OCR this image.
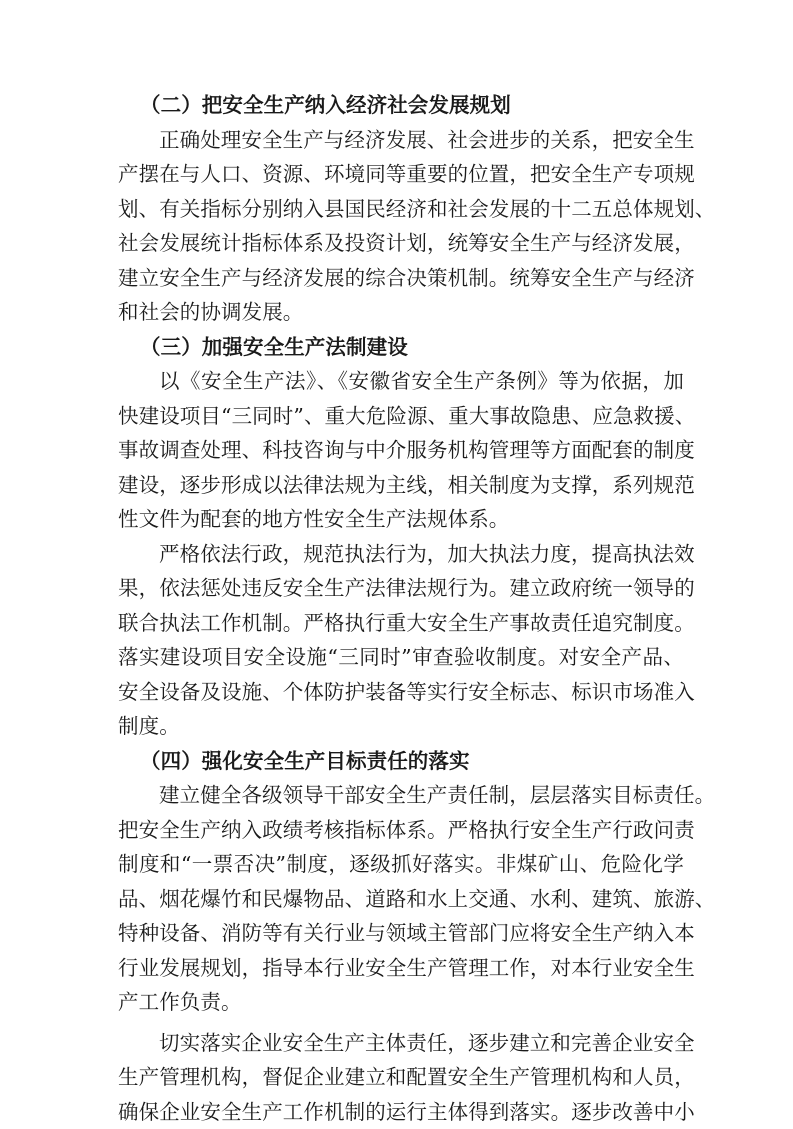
（二）把安全生产纳入经济社会发展规划
正确处理安全生产与经济发展、社会进步的关系，把安全生
产摆在与人口、资源、环境同等重要的位置，把安全生产专项规
划、有关指标分别纳入县国民经济和社会发展的十二五总体规划、
社会发展统计指标体系及投资计划，统筹安全生产与经济发展，
建立安全生产与经济发展的综合决策机制。统筹安全生产与经济
和社会的协调发展。
（三）加强安全生产法制建设
以《安全生产法》、《安徽省安全生产条例》等为依据，加
快建设项目“三同时”、重大危险源、重大事故隐患、应急救援、
事故调查处理、科技咨询与中介服务机构管理等方面配套的制度
建设，逐步形成以法律法规为主线，相关制度为支撑，系列规范
性文件为配套的地方性安全生产法规体系。
严格依法行政，规范执法行为，加大执法力度，提高执法效
果，依法惩处违反安全生产法律法规行为。建立政府统一领导的
联合执法工作机制。严格执行重大安全生产事故责任追究制度。
落实建设项目安全设施“三同时”审查验收制度。对安全产品、
安全设备及设施、个体防护装备等实行安全标志、标识市场准入
制度。
（四）强化安全生产目标责任的落实
建立健全各级领导干部安全生产责任制，层层落实目标责任。
把安全生产纳入政绩考核指标体系。严格执行安全生产行政问责
制度和“一票否决”制度，逐级抓好落实。非煤矿山、危险化学
品、烟花爆竹和民爆物品、道路和水上交通、水利、建筑、旅游、
特种设备、消防等有关行业与领域主管部门应将安全生产纳入本
行业发展规划，指导本行业安全生产管理工作，对本行业安全生
产工作负责。
切实落实企业安全生产主体责任，逐步建立和完善企业安全
生产管理机构，督促企业建立和配置安全生产管理机构和人员，
确保企业安全生产工作机制的运行主体得到落实。逐步改善中小
